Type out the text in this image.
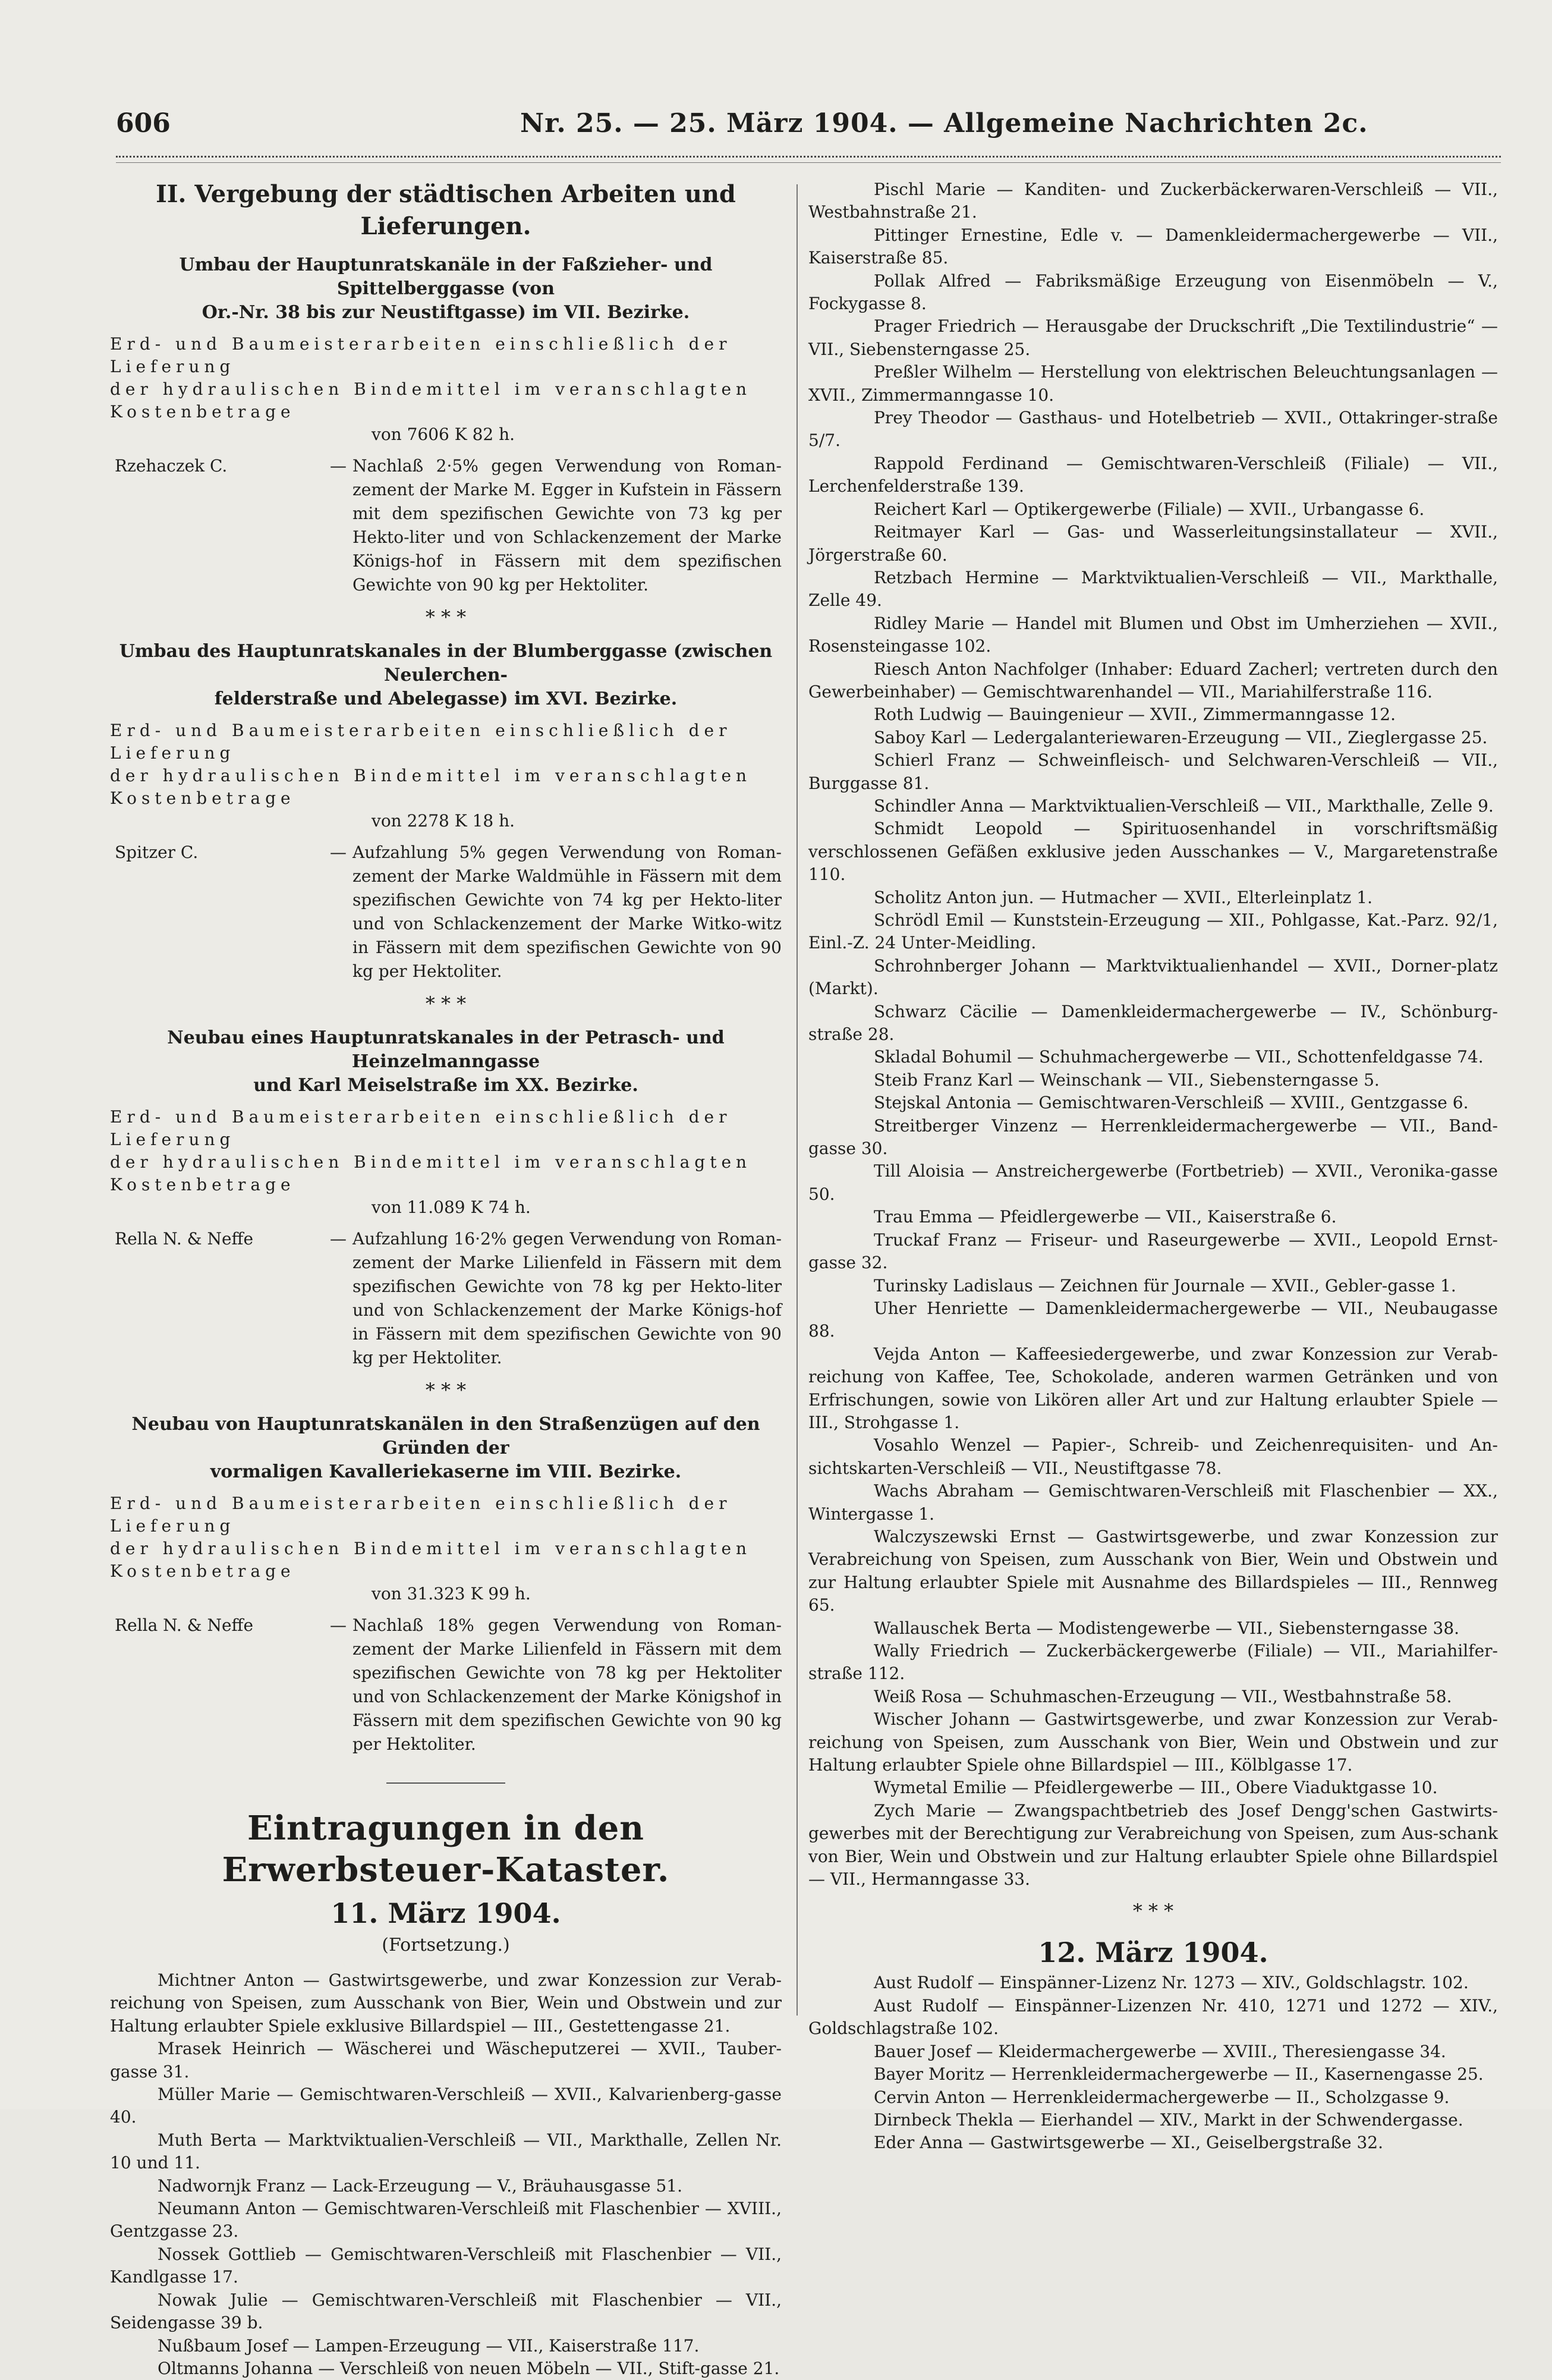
606	Nr. 25. — 25. März 1904. — Allgemeine Nachrichten 2c.
II. Vergebung der städtischen Arbeiten und
Lieferungen.
Umbau der Hauptunratskanäle in der Faßzieher- und Spittelberggasse (von
Or.-Nr. 38 bis zur Neustiftgasse) im VII. Bezirke.
Erd- und Baumeisterarbeiten einschließlich der Lieferung
der hydraulischen Bindemittel im veranschlagten Kostenbetrage
von 7606 K 82 h.
Rzehaczek C.	— Nachlaß 2·5% gegen Verwendung von Roman-zement der Marke M. Egger in Kufstein in Fässern mit dem spezifischen Gewichte von 73 kg per Hekto-liter und von Schlackenzement der Marke Königs-hof in Fässern mit dem spezifischen Gewichte von 90 kg per Hektoliter.
* * *
Umbau des Hauptunratskanales in der Blumberggasse (zwischen Neulerchen-
felderstraße und Abelegasse) im XVI. Bezirke.
Erd- und Baumeisterarbeiten einschließlich der Lieferung
der hydraulischen Bindemittel im veranschlagten Kostenbetrage
von 2278 K 18 h.
Spitzer C.	— Aufzahlung 5% gegen Verwendung von Roman-zement der Marke Waldmühle in Fässern mit dem spezifischen Gewichte von 74 kg per Hekto-liter und von Schlackenzement der Marke Witko-witz in Fässern mit dem spezifischen Gewichte von 90 kg per Hektoliter.
* * *
Neubau eines Hauptunratskanales in der Petrasch- und Heinzelmanngasse
und Karl Meiselstraße im XX. Bezirke.
Erd- und Baumeisterarbeiten einschließlich der Lieferung
der hydraulischen Bindemittel im veranschlagten Kostenbetrage
von 11.089 K 74 h.
Rella N. & Neffe	— Aufzahlung 16·2% gegen Verwendung von Roman-zement der Marke Lilienfeld in Fässern mit dem spezifischen Gewichte von 78 kg per Hekto-liter und von Schlackenzement der Marke Königs-hof in Fässern mit dem spezifischen Gewichte von 90 kg per Hektoliter.
* * *
Neubau von Hauptunratskanälen in den Straßenzügen auf den Gründen der
vormaligen Kavalleriekaserne im VIII. Bezirke.
Erd- und Baumeisterarbeiten einschließlich der Lieferung
der hydraulischen Bindemittel im veranschlagten Kostenbetrage
von 31.323 K 99 h.
Rella N. & Neffe	— Nachlaß 18% gegen Verwendung von Roman-zement der Marke Lilienfeld in Fässern mit dem spezifischen Gewichte von 78 kg per Hektoliter und von Schlackenzement der Marke Königshof in Fässern mit dem spezifischen Gewichte von 90 kg per Hektoliter.
Eintragungen in den Erwerbsteuer-Kataster.
11. März 1904.
(Fortsetzung.)

Michtner Anton — Gastwirtsgewerbe, und zwar Konzession zur Verab-reichung von Speisen, zum Ausschank von Bier, Wein und Obstwein und zur Haltung erlaubter Spiele exklusive Billardspiel — III., Gestettengasse 21.

Mrasek Heinrich — Wäscherei und Wäscheputzerei — XVII., Tauber-gasse 31.

Müller Marie — Gemischtwaren-Verschleiß — XVII., Kalvarienberg-gasse 40.

Muth Berta — Marktviktualien-Verschleiß — VII., Markthalle, Zellen Nr. 10 und 11.

Nadwornjk Franz — Lack-Erzeugung — V., Bräuhausgasse 51.

Neumann Anton — Gemischtwaren-Verschleiß mit Flaschenbier — XVIII., Gentzgasse 23.

Nossek Gottlieb — Gemischtwaren-Verschleiß mit Flaschenbier — VII., Kandlgasse 17.

Nowak Julie — Gemischtwaren-Verschleiß mit Flaschenbier — VII., Seidengasse 39 b.

Nußbaum Josef — Lampen-Erzeugung — VII., Kaiserstraße 117.

Oltmanns Johanna — Verschleiß von neuen Möbeln — VII., Stift-gasse 21.

Pischl Marie — Kanditen- und Zuckerbäckerwaren-Verschleiß — VII., Westbahnstraße 21.

Pittinger Ernestine, Edle v. — Damenkleidermachergewerbe — VII., Kaiserstraße 85.

Pollak Alfred — Fabriksmäßige Erzeugung von Eisenmöbeln — V., Fockygasse 8.

Prager Friedrich — Herausgabe der Druckschrift „Die Textilindustrie“ — VII., Siebensterngasse 25.

Preßler Wilhelm — Herstellung von elektrischen Beleuchtungsanlagen — XVII., Zimmermanngasse 10.

Prey Theodor — Gasthaus- und Hotelbetrieb — XVII., Ottakringer-straße 5/7.

Rappold Ferdinand — Gemischtwaren-Verschleiß (Filiale) — VII., Lerchenfelderstraße 139.

Reichert Karl — Optikergewerbe (Filiale) — XVII., Urbangasse 6.

Reitmayer Karl — Gas- und Wasserleitungsinstallateur — XVII., Jörgerstraße 60.

Retzbach Hermine — Marktviktualien-Verschleiß — VII., Markthalle, Zelle 49.

Ridley Marie — Handel mit Blumen und Obst im Umherziehen — XVII., Rosensteingasse 102.

Riesch Anton Nachfolger (Inhaber: Eduard Zacherl; vertreten durch den Gewerbeinhaber) — Gemischtwarenhandel — VII., Mariahilferstraße 116.

Roth Ludwig — Bauingenieur — XVII., Zimmermanngasse 12.

Saboy Karl — Ledergalanteriewaren-Erzeugung — VII., Zieglergasse 25.

Schierl Franz — Schweinfleisch- und Selchwaren-Verschleiß — VII., Burggasse 81.

Schindler Anna — Marktviktualien-Verschleiß — VII., Markthalle, Zelle 9.

Schmidt Leopold — Spirituosenhandel in vorschriftsmäßig verschlossenen Gefäßen exklusive jeden Ausschankes — V., Margaretenstraße 110.

Scholitz Anton jun. — Hutmacher — XVII., Elterleinplatz 1.

Schrödl Emil — Kunststein-Erzeugung — XII., Pohlgasse, Kat.-Parz. 92/1, Einl.-Z. 24 Unter-Meidling.

Schrohnberger Johann — Marktviktualienhandel — XVII., Dorner-platz (Markt).

Schwarz Cäcilie — Damenkleidermachergewerbe — IV., Schönburg-straße 28.

Skladal Bohumil — Schuhmachergewerbe — VII., Schottenfeldgasse 74.

Steib Franz Karl — Weinschank — VII., Siebensterngasse 5.

Stejskal Antonia — Gemischtwaren-Verschleiß — XVIII., Gentzgasse 6.

Streitberger Vinzenz — Herrenkleidermachergewerbe — VII., Band-gasse 30.

Till Aloisia — Anstreichergewerbe (Fortbetrieb) — XVII., Veronika-gasse 50.

Trau Emma — Pfeidlergewerbe — VII., Kaiserstraße 6.

Truckaf Franz — Friseur- und Raseurgewerbe — XVII., Leopold Ernst-gasse 32.

Turinsky Ladislaus — Zeichnen für Journale — XVII., Gebler-gasse 1.

Uher Henriette — Damenkleidermachergewerbe — VII., Neubaugasse 88.

Vejda Anton — Kaffeesiedergewerbe, und zwar Konzession zur Verab-reichung von Kaffee, Tee, Schokolade, anderen warmen Getränken und von Erfrischungen, sowie von Likören aller Art und zur Haltung erlaubter Spiele — III., Strohgasse 1.

Vosahlo Wenzel — Papier-, Schreib- und Zeichenrequisiten- und An-sichtskarten-Verschleiß — VII., Neustiftgasse 78.

Wachs Abraham — Gemischtwaren-Verschleiß mit Flaschenbier — XX., Wintergasse 1.

Walczyszewski Ernst — Gastwirtsgewerbe, und zwar Konzession zur Verabreichung von Speisen, zum Ausschank von Bier, Wein und Obstwein und zur Haltung erlaubter Spiele mit Ausnahme des Billardspieles — III., Rennweg 65.

Wallauschek Berta — Modistengewerbe — VII., Siebensterngasse 38.

Wally Friedrich — Zuckerbäckergewerbe (Filiale) — VII., Mariahilfer-straße 112.

Weiß Rosa — Schuhmaschen-Erzeugung — VII., Westbahnstraße 58.

Wischer Johann — Gastwirtsgewerbe, und zwar Konzession zur Verab-reichung von Speisen, zum Ausschank von Bier, Wein und Obstwein und zur Haltung erlaubter Spiele ohne Billardspiel — III., Kölblgasse 17.

Wymetal Emilie — Pfeidlergewerbe — III., Obere Viaduktgasse 10.

Zych Marie — Zwangspachtbetrieb des Josef Dengg'schen Gastwirts-gewerbes mit der Berechtigung zur Verabreichung von Speisen, zum Aus-schank von Bier, Wein und Obstwein und zur Haltung erlaubter Spiele ohne Billardspiel — VII., Hermanngasse 33.

* * *
12. März 1904.

Aust Rudolf — Einspänner-Lizenz Nr. 1273 — XIV., Goldschlagstr. 102.

Aust Rudolf — Einspänner-Lizenzen Nr. 410, 1271 und 1272 — XIV., Goldschlagstraße 102.

Bauer Josef — Kleidermachergewerbe — XVIII., Theresiengasse 34.

Bayer Moritz — Herrenkleidermachergewerbe — II., Kasernengasse 25.

Cervin Anton — Herrenkleidermachergewerbe — II., Scholzgasse 9.

Dirnbeck Thekla — Eierhandel — XIV., Markt in der Schwendergasse.

Eder Anna — Gastwirtsgewerbe — XI., Geiselbergstraße 32.
